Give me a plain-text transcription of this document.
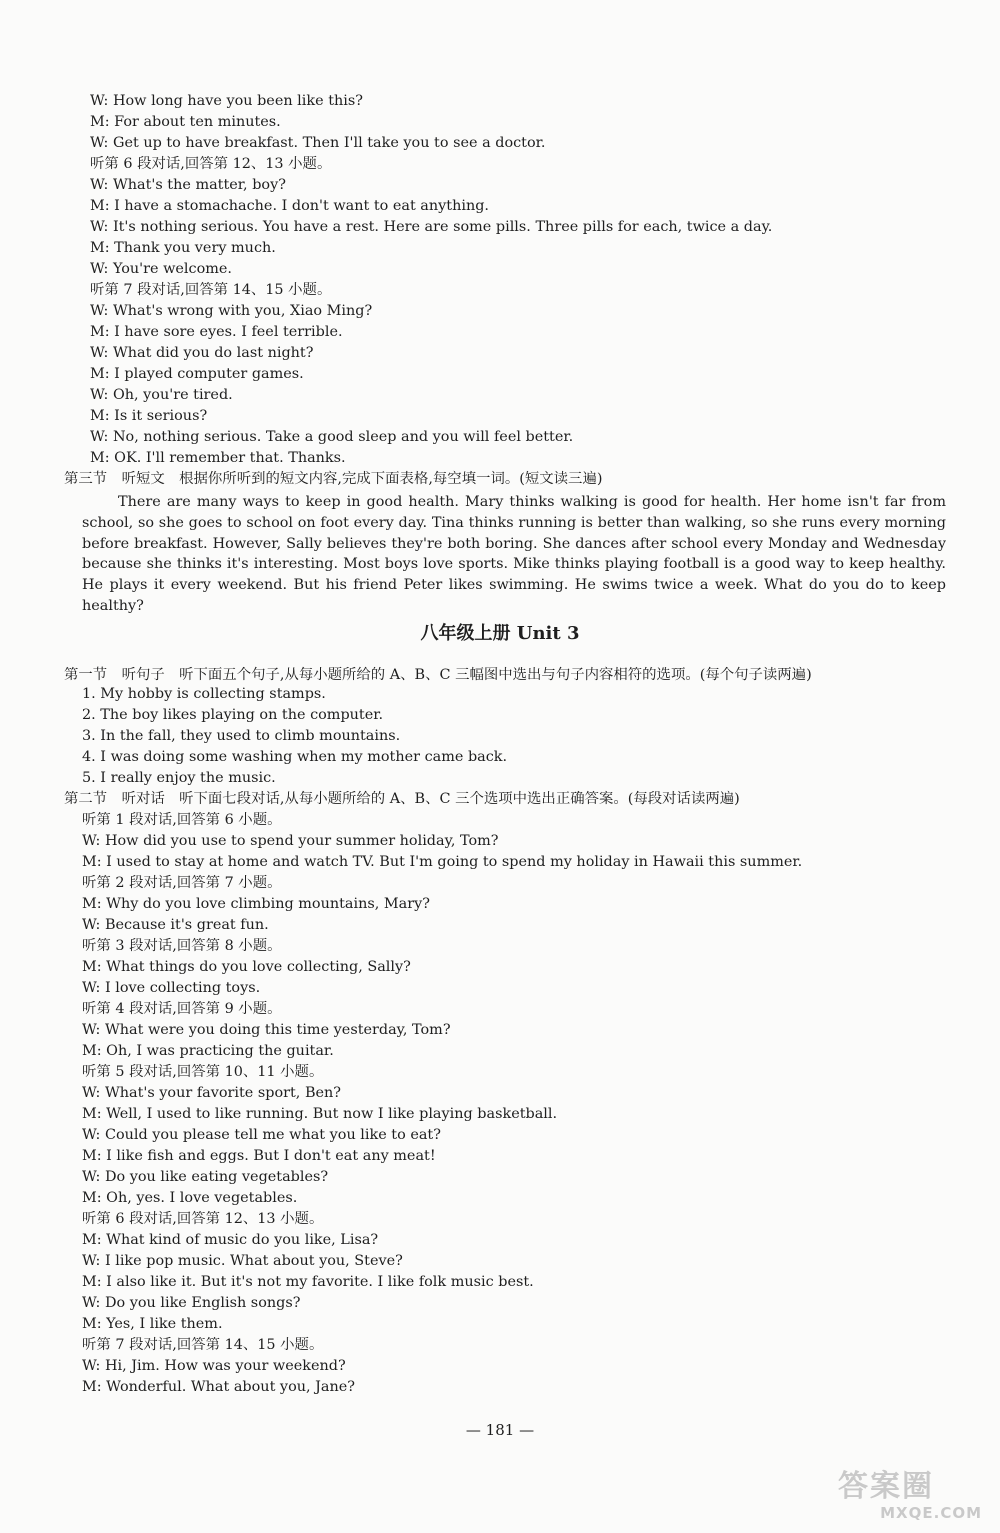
W: How long have you been like this?
M: For about ten minutes.
W: Get up to have breakfast. Then I'll take you to see a doctor.
听第 6 段对话,回答第 12、13 小题。
W: What's the matter, boy?
M: I have a stomachache. I don't want to eat anything.
W: It's nothing serious. You have a rest. Here are some pills. Three pills for each, twice a day.
M: Thank you very much.
W: You're welcome.
听第 7 段对话,回答第 14、15 小题。
W: What's wrong with you, Xiao Ming?
M: I have sore eyes. I feel terrible.
W: What did you do last night?
M: I played computer games.
W: Oh, you're tired.
M: Is it serious?
W: No, nothing serious. Take a good sleep and you will feel better.
M: OK. I'll remember that. Thanks.
第三节　听短文　根据你所听到的短文内容,完成下面表格,每空填一词。(短文读三遍)
There are many ways to keep in good health. Mary thinks walking is good for health. Her home isn't far from school, so she goes to school on foot every day. Tina thinks running is better than walking, so she runs every morning before breakfast. However, Sally believes they're both boring. She dances after school every Monday and Wednesday because she thinks it's interesting. Most boys love sports. Mike thinks playing football is a good way to keep healthy. He plays it every weekend. But his friend Peter likes swimming. He swims twice a week. What do you do to keep healthy?
八年级上册 Unit 3
第一节　听句子　听下面五个句子,从每小题所给的 A、B、C 三幅图中选出与句子内容相符的选项。(每个句子读两遍)
1. My hobby is collecting stamps.
2. The boy likes playing on the computer.
3. In the fall, they used to climb mountains.
4. I was doing some washing when my mother came back.
5. I really enjoy the music.
第二节　听对话　听下面七段对话,从每小题所给的 A、B、C 三个选项中选出正确答案。(每段对话读两遍)
听第 1 段对话,回答第 6 小题。
W: How did you use to spend your summer holiday, Tom?
M: I used to stay at home and watch TV. But I'm going to spend my holiday in Hawaii this summer.
听第 2 段对话,回答第 7 小题。
M: Why do you love climbing mountains, Mary?
W: Because it's great fun.
听第 3 段对话,回答第 8 小题。
M: What things do you love collecting, Sally?
W: I love collecting toys.
听第 4 段对话,回答第 9 小题。
W: What were you doing this time yesterday, Tom?
M: Oh, I was practicing the guitar.
听第 5 段对话,回答第 10、11 小题。
W: What's your favorite sport, Ben?
M: Well, I used to like running. But now I like playing basketball.
W: Could you please tell me what you like to eat?
M: I like fish and eggs. But I don't eat any meat!
W: Do you like eating vegetables?
M: Oh, yes. I love vegetables.
听第 6 段对话,回答第 12、13 小题。
M: What kind of music do you like, Lisa?
W: I like pop music. What about you, Steve?
M: I also like it. But it's not my favorite. I like folk music best.
W: Do you like English songs?
M: Yes, I like them.
听第 7 段对话,回答第 14、15 小题。
W: Hi, Jim. How was your weekend?
M: Wonderful. What about you, Jane?
— 181 —
答案圈
MXQE.COM
